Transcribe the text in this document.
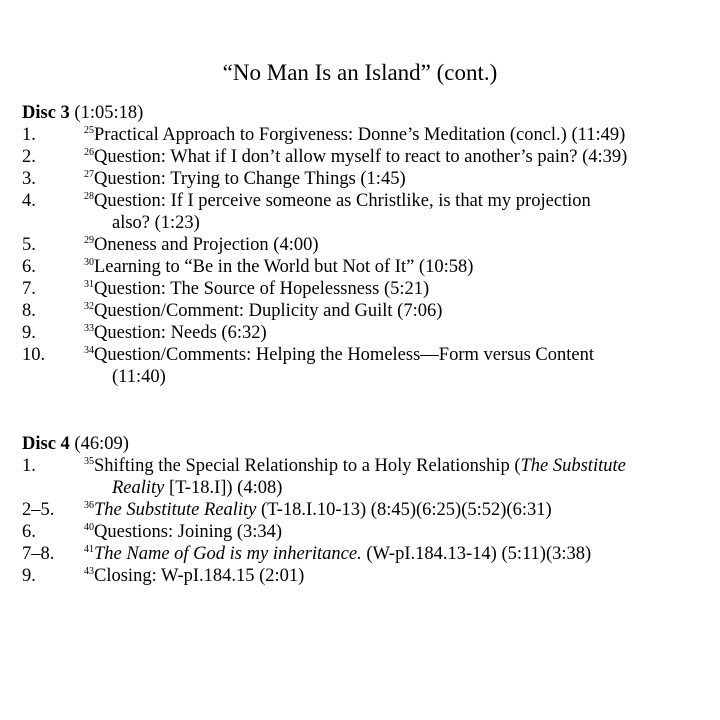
“No Man Is an Island” (cont.)
Disc 3 (1:05:18)
1.	$^{25}$Practical Approach to Forgiveness: Donne’s Meditation (concl.) (11:49)
2.	$^{26}$Question: What if I don’t allow myself to react to another’s pain? (4:39)
3.	$^{27}$Question: Trying to Change Things (1:45)
4.	$^{28}$Question: If I perceive someone as Christlike, is that my projection
also? (1:23)
5.	$^{29}$Oneness and Projection (4:00)
6.	$^{30}$Learning to “Be in the World but Not of It” (10:58)
7.	$^{31}$Question: The Source of Hopelessness (5:21)
8.	$^{32}$Question/Comment: Duplicity and Guilt (7:06)
9.	$^{33}$Question: Needs (6:32)
10.	$^{34}$Question/Comments: Helping the Homeless—Form versus Content
(11:40)
Disc 4 (46:09)
1.	$^{35}$Shifting the Special Relationship to a Holy Relationship (The Substitute
Reality [T-18.I]) (4:08)
2–5.	$^{36}$The Substitute Reality (T-18.I.10-13) (8:45)(6:25)(5:52)(6:31)
6.	$^{40}$Questions: Joining (3:34)
7–8.	$^{41}$The Name of God is my inheritance. (W-pI.184.13-14) (5:11)(3:38)
9.	$^{43}$Closing: W-pI.184.15 (2:01)
